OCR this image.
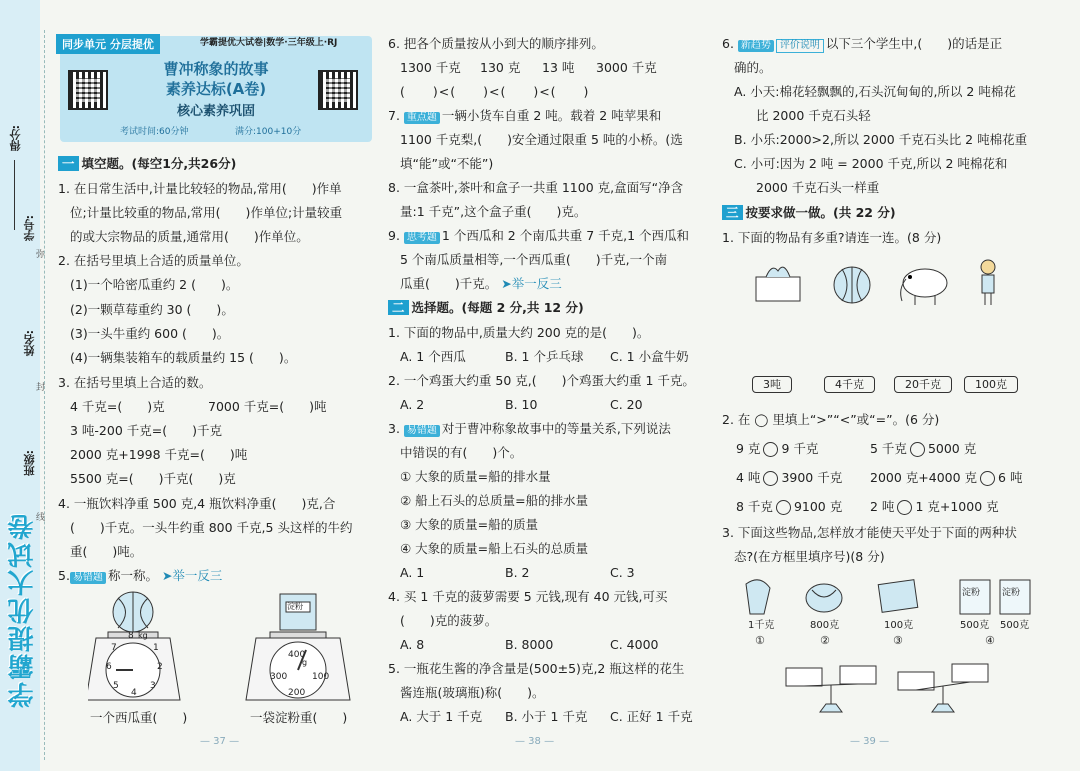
学霸提优大试卷
得分:
学号:
姓名:
班级:
弥
封
线
同步单元 分层提优
曹冲称象的故事
素养达标(A卷)
核心素养巩固
考试时间:60分钟	满分:100+10分
学霸提优大试卷|数学·三年级上·RJ
一 填空题。(每空1分,共26分)
1. 在日常生活中,计量比较轻的物品,常用(　　)作单
位;计量比较重的物品,常用(　　)作单位;计量较重
的或大宗物品的质量,通常用(　　)作单位。
2. 在括号里填上合适的质量单位。
(1)一个哈密瓜重约 2 (　　)。
(2)一颗草莓重约 30 (　　)。
(3)一头牛重约 600 (　　)。
(4)一辆集装箱车的载质量约 15 (　　)。
3. 在括号里填上合适的数。
4 千克=(　　)克	7000 千克=(　　)吨
3 吨-200 千克=(　　)千克
2000 克+1998 千克=(　　)吨
5500 克=(　　)千克(　　)克
4. 一瓶饮料净重 500 克,4 瓶饮料净重(　　)克,合
(　　)千克。一头牛约重 800 千克,5 头这样的牛约
重(　　)吨。
5. 易错题 称一称。 ➤举一反三
8 kg
1
2
3
4
5
6
7
淀粉
400
100
200
300
g
一个西瓜重(　　)	一袋淀粉重(　　)
— 37 —
6. 把各个质量按从小到大的顺序排列。
1300 千克 130 克 13 吨 3000 千克
(　　)<(　　)<(　　)<(　　)
7. 重点题 一辆小货车自重 2 吨。载着 2 吨苹果和
1100 千克梨,(　　)安全通过限重 5 吨的小桥。(选
填“能”或“不能”)
8. 一盒茶叶,茶叶和盒子一共重 1100 克,盒面写“净含
量:1 千克”,这个盒子重(　　)克。
9. 思考题 1 个西瓜和 2 个南瓜共重 7 千克,1 个西瓜和
5 个南瓜质量相等,一个西瓜重(　　)千克,一个南
瓜重(　　)千克。 ➤举一反三
二 选择题。(每题 2 分,共 12 分)
1. 下面的物品中,质量大约 200 克的是(　　)。
A. 1 个西瓜	B. 1 个乒乓球 C. 1 小盒牛奶
2. 一个鸡蛋大约重 50 克,(　　)个鸡蛋大约重 1 千克。
A. 2	B. 10	C. 20
3. 易错题 对于曹冲称象故事中的等量关系,下列说法
中错误的有(　　)个。
① 大象的质量=船的排水量
② 船上石头的总质量=船的排水量
③ 大象的质量=船的质量
④ 大象的质量=船上石头的总质量
A. 1	B. 2	C. 3
4. 买 1 千克的菠萝需要 5 元钱,现有 40 元钱,可买
(　　)克的菠萝。
A. 8	B. 8000	C. 4000
5. 一瓶花生酱的净含量是(500±5)克,2 瓶这样的花生
酱连瓶(玻璃瓶)称(　　)。
A. 大于 1 千克 B. 小于 1 千克 C. 正好 1 千克
— 38 —
6. 新趋势 评价说明 以下三个学生中,(　　)的话是正
确的。
A. 小天:棉花轻飘飘的,石头沉甸甸的,所以 2 吨棉花
比 2000 千克石头轻
B. 小乐:2000>2,所以 2000 千克石头比 2 吨棉花重
C. 小可:因为 2 吨 = 2000 千克,所以 2 吨棉花和
2000 千克石头一样重
三 按要求做一做。(共 22 分)
1. 下面的物品有多重?请连一连。(8 分)
3吨	4千克	20千克	100克
2. 在 ◯ 里填上“>”“<”或“=”。(6 分)
9 克 9 千克	5 千克 5000 克
4 吨 3900 千克 2000 克+4000 克 6 吨
8 千克 9100 克 2 吨 1 克+1000 克
3. 下面这些物品,怎样放才能使天平处于下面的两种状
态?(在方框里填序号)(8 分)
淀粉 淀粉
1千克	800克	100克	500克 500克
①	②	③	④
— 39 —
